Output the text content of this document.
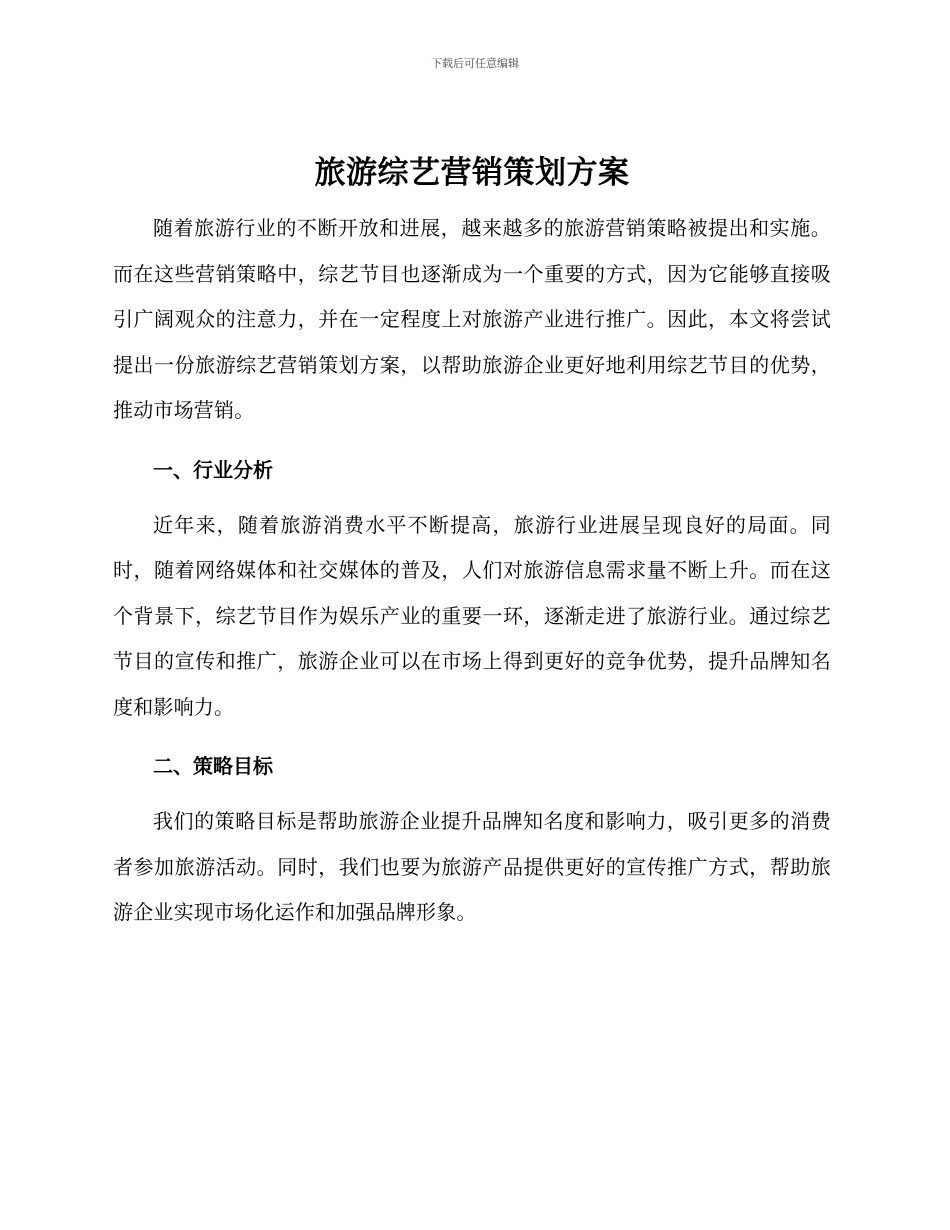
下载后可任意编辑
旅游综艺营销策划方案

随着旅游行业的不断开放和进展，越来越多的旅游营销策略被提出和实施。而在这些营销策略中，综艺节目也逐渐成为一个重要的方式，因为它能够直接吸引广阔观众的注意力，并在一定程度上对旅游产业进行推广。因此，本文将尝试提出一份旅游综艺营销策划方案，以帮助旅游企业更好地利用综艺节目的优势，推动市场营销。

一、行业分析

近年来，随着旅游消费水平不断提高，旅游行业进展呈现良好的局面。同时，随着网络媒体和社交媒体的普及，人们对旅游信息需求量不断上升。而在这个背景下，综艺节目作为娱乐产业的重要一环，逐渐走进了旅游行业。通过综艺节目的宣传和推广，旅游企业可以在市场上得到更好的竞争优势，提升品牌知名度和影响力。

二、策略目标

我们的策略目标是帮助旅游企业提升品牌知名度和影响力，吸引更多的消费者参加旅游活动。同时，我们也要为旅游产品提供更好的宣传推广方式，帮助旅游企业实现市场化运作和加强品牌形象。
